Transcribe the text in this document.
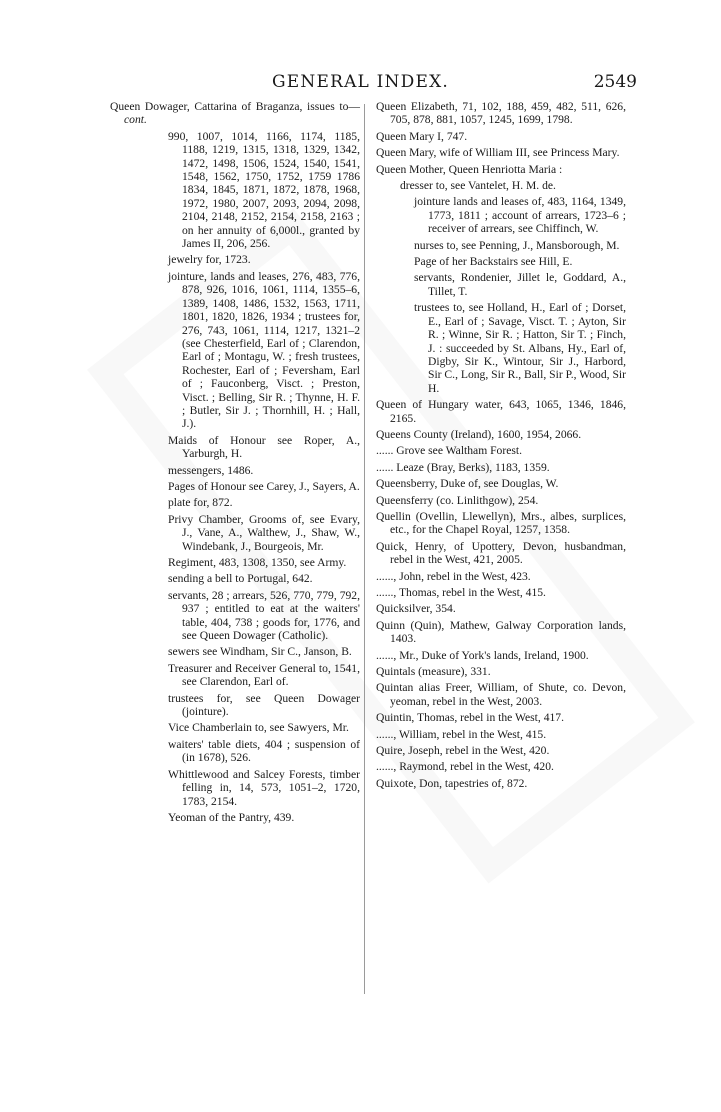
GENERAL INDEX.	2549

Queen Dowager, Cattarina of Braganza, issues to—cont.

990, 1007, 1014, 1166, 1174, 1185, 1188, 1219, 1315, 1318, 1329, 1342, 1472, 1498, 1506, 1524, 1540, 1541, 1548, 1562, 1750, 1752, 1759 1786 1834, 1845, 1871, 1872, 1878, 1968, 1972, 1980, 2007, 2093, 2094, 2098, 2104, 2148, 2152, 2154, 2158, 2163 ; on her annuity of 6,000l., granted by James II, 206, 256.

jewelry for, 1723.

jointure, lands and leases, 276, 483, 776, 878, 926, 1016, 1061, 1114, 1355–6, 1389, 1408, 1486, 1532, 1563, 1711, 1801, 1820, 1826, 1934 ; trustees for, 276, 743, 1061, 1114, 1217, 1321–2 (see Chesterfield, Earl of ; Clarendon, Earl of ; Montagu, W. ; fresh trustees, Rochester, Earl of ; Feversham, Earl of ; Fauconberg, Visct. ; Preston, Visct. ; Belling, Sir R. ; Thynne, H. F. ; Butler, Sir J. ; Thornhill, H. ; Hall, J.).

Maids of Honour see Roper, A., Yarburgh, H.

messengers, 1486.

Pages of Honour see Carey, J., Sayers, A.

plate for, 872.

Privy Chamber, Grooms of, see Evary, J., Vane, A., Walthew, J., Shaw, W., Windebank, J., Bourgeois, Mr.

Regiment, 483, 1308, 1350, see Army.

sending a bell to Portugal, 642.

servants, 28 ; arrears, 526, 770, 779, 792, 937 ; entitled to eat at the waiters' table, 404, 738 ; goods for, 1776, and see Queen Dowager (Catholic).

sewers see Windham, Sir C., Janson, B.

Treasurer and Receiver General to, 1541, see Clarendon, Earl of.

trustees for, see Queen Dowager (jointure).

Vice Chamberlain to, see Sawyers, Mr.

waiters' table diets, 404 ; suspension of (in 1678), 526.

Whittlewood and Salcey Forests, timber felling in, 14, 573, 1051–2, 1720, 1783, 2154.

Yeoman of the Pantry, 439.

Queen Elizabeth, 71, 102, 188, 459, 482, 511, 626, 705, 878, 881, 1057, 1245, 1699, 1798.

Queen Mary I, 747.

Queen Mary, wife of William III, see Princess Mary.

Queen Mother, Queen Henriotta Maria :

dresser to, see Vantelet, H. M. de.

jointure lands and leases of, 483, 1164, 1349, 1773, 1811 ; account of arrears, 1723–6 ; receiver of arrears, see Chiffinch, W.

nurses to, see Penning, J., Mansborough, M.

Page of her Backstairs see Hill, E.

servants, Rondenier, Jillet le, Goddard, A., Tillet, T.

trustees to, see Holland, H., Earl of ; Dorset, E., Earl of ; Savage, Visct. T. ; Ayton, Sir R. ; Winne, Sir R. ; Hatton, Sir T. ; Finch, J. : succeeded by St. Albans, Hy., Earl of, Digby, Sir K., Wintour, Sir J., Harbord, Sir C., Long, Sir R., Ball, Sir P., Wood, Sir H.

Queen of Hungary water, 643, 1065, 1346, 1846, 2165.

Queens County (Ireland), 1600, 1954, 2066.

...... Grove see Waltham Forest.

...... Leaze (Bray, Berks), 1183, 1359.

Queensberry, Duke of, see Douglas, W.

Queensferry (co. Linlithgow), 254.

Quellin (Ovellin, Llewellyn), Mrs., albes, surplices, etc., for the Chapel Royal, 1257, 1358.

Quick, Henry, of Upottery, Devon, husbandman, rebel in the West, 421, 2005.

......, John, rebel in the West, 423.

......, Thomas, rebel in the West, 415.

Quicksilver, 354.

Quinn (Quin), Mathew, Galway Corporation lands, 1403.

......, Mr., Duke of York's lands, Ireland, 1900.

Quintals (measure), 331.

Quintan alias Freer, William, of Shute, co. Devon, yeoman, rebel in the West, 2003.

Quintin, Thomas, rebel in the West, 417.

......, William, rebel in the West, 415.

Quire, Joseph, rebel in the West, 420.

......, Raymond, rebel in the West, 420.

Quixote, Don, tapestries of, 872.
